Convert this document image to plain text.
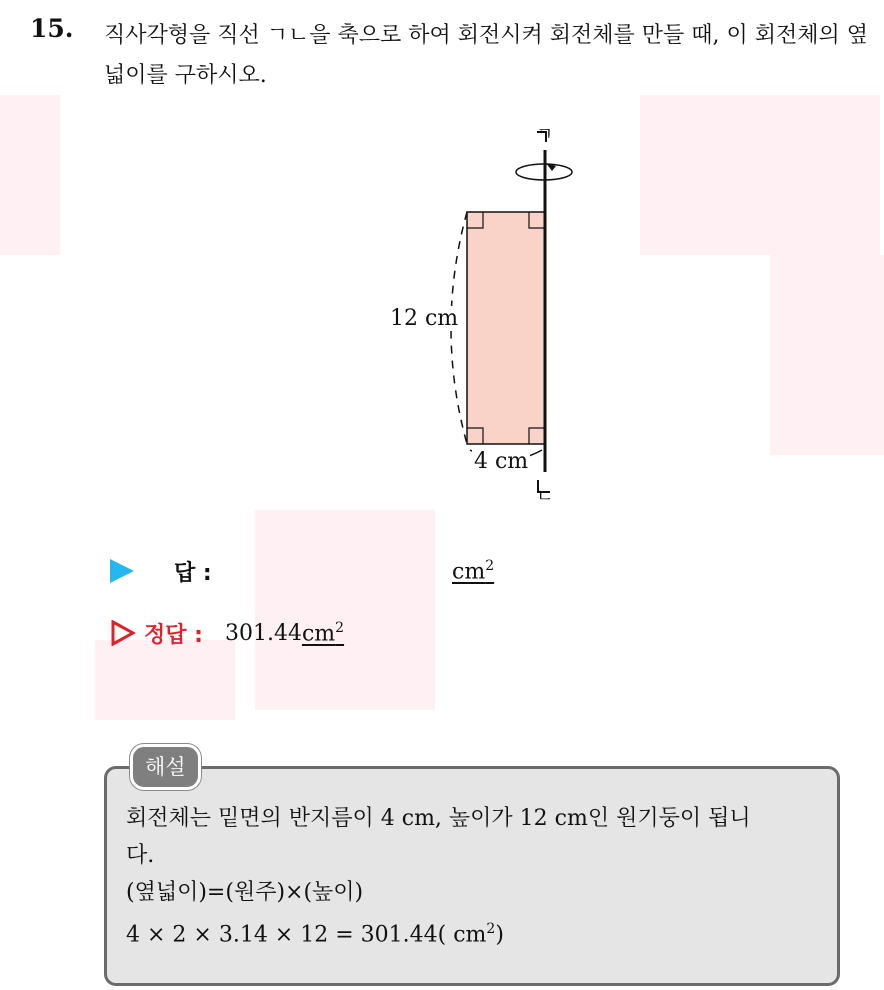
15. 직사각형을 직선 ㄱㄴ을 축으로 하여 회전시켜 회전체를 만들 때, 이 회전체의 옆넓이를 구하시오.
ㄱ
ㄴ
12 cm
4 cm
답 :	$cm^2$
정답 : 301.44 $cm^2$
해설
회전체는 밑면의 반지름이 4 cm, 높이가 12 cm인 원기둥이 됩니
다.
(옆넓이)=(원주)×(높이)
4 × 2 × 3.14 × 12 = 301.44( $cm^2$)
